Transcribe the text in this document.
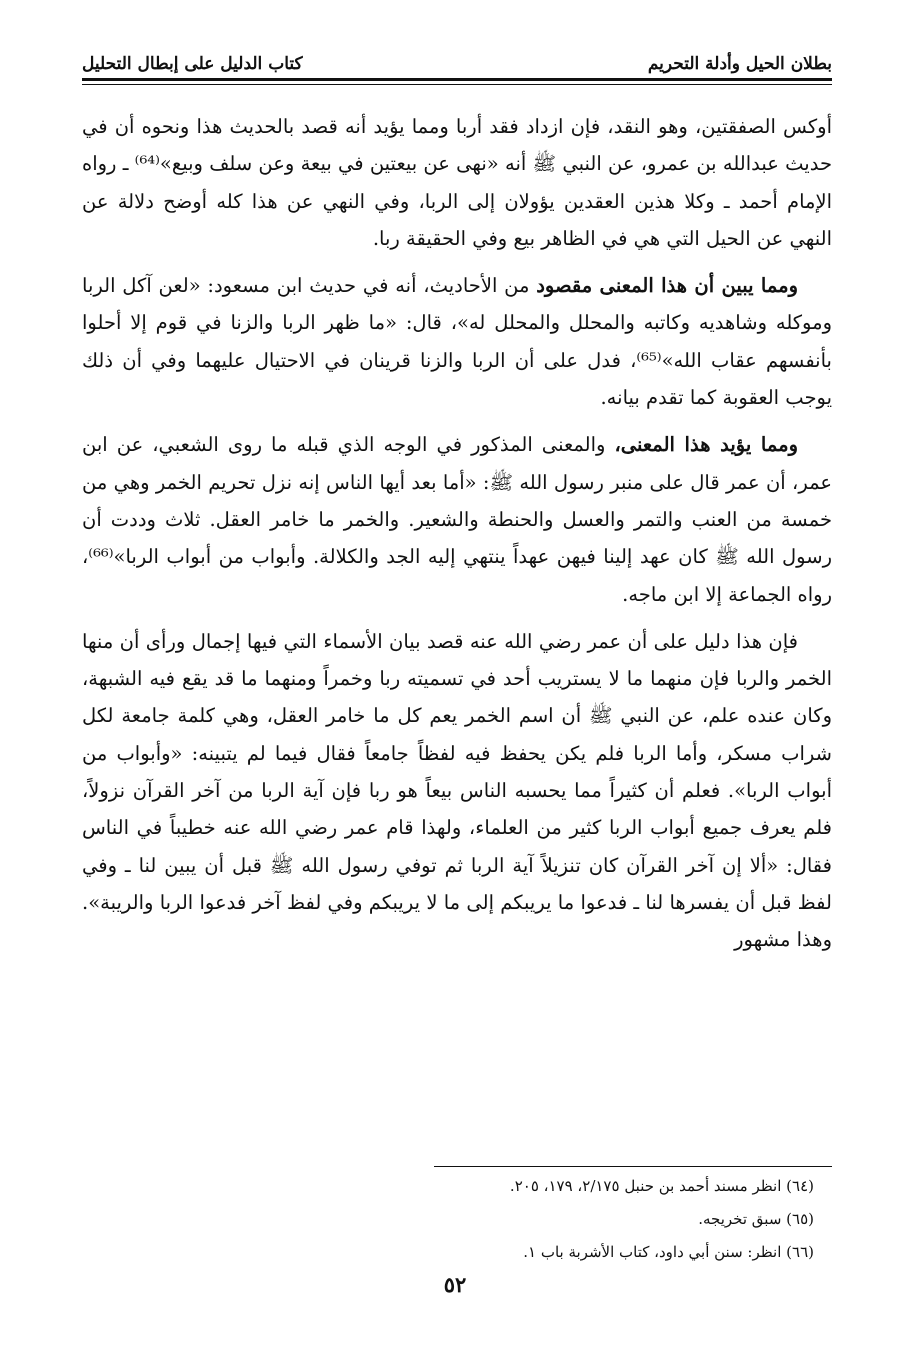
بطلان الحيل وأدلة التحريم
كتاب الدليل على إبطال التحليل

أوكس الصفقتين، وهو النقد، فإن ازداد فقد أربا ومما يؤيد أنه قصد بالحديث هذا ونحوه أن في حديث عبدالله بن عمرو، عن النبي ﷺ أنه «نهى عن بيعتين في بيعة وعن سلف وبيع»⁽⁶⁴⁾ ـ رواه الإمام أحمد ـ وكلا هذين العقدين يؤولان إلى الربا، وفي النهي عن هذا كله أوضح دلالة عن النهي عن الحيل التي هي في الظاهر بيع وفي الحقيقة ربا.

ومما يبين أن هذا المعنى مقصود من الأحاديث، أنه في حديث ابن مسعود: «لعن آكل الربا وموكله وشاهديه وكاتبه والمحلل والمحلل له»، قال: «ما ظهر الربا والزنا في قوم إلا أحلوا بأنفسهم عقاب الله»⁽⁶⁵⁾، فدل على أن الربا والزنا قرينان في الاحتيال عليهما وفي أن ذلك يوجب العقوبة كما تقدم بيانه.

ومما يؤيد هذا المعنى، والمعنى المذكور في الوجه الذي قبله ما روى الشعبي، عن ابن عمر، أن عمر قال على منبر رسول الله ﷺ: «أما بعد أيها الناس إنه نزل تحريم الخمر وهي من خمسة من العنب والتمر والعسل والحنطة والشعير. والخمر ما خامر العقل. ثلاث وددت أن رسول الله ﷺ كان عهد إلينا فيهن عهداً ينتهي إليه الجد والكلالة. وأبواب من أبواب الربا»⁽⁶⁶⁾، رواه الجماعة إلا ابن ماجه.

فإن هذا دليل على أن عمر رضي الله عنه قصد بيان الأسماء التي فيها إجمال ورأى أن منها الخمر والربا فإن منهما ما لا يستريب أحد في تسميته ربا وخمراً ومنهما ما قد يقع فيه الشبهة، وكان عنده علم، عن النبي ﷺ أن اسم الخمر يعم كل ما خامر العقل، وهي كلمة جامعة لكل شراب مسكر، وأما الربا فلم يكن يحفظ فيه لفظاً جامعاً فقال فيما لم يتبينه: «وأبواب من أبواب الربا». فعلم أن كثيراً مما يحسبه الناس بيعاً هو ربا فإن آية الربا من آخر القرآن نزولاً، فلم يعرف جميع أبواب الربا كثير من العلماء، ولهذا قام عمر رضي الله عنه خطيباً في الناس فقال: «ألا إن آخر القرآن كان تنزيلاً آية الربا ثم توفي رسول الله ﷺ قبل أن يبين لنا ـ وفي لفظ قبل أن يفسرها لنا ـ فدعوا ما يريبكم إلى ما لا يريبكم وفي لفظ آخر فدعوا الربا والريبة». وهذا مشهور

(٦٤) انظر مسند أحمد بن حنبل ٢/١٧٥، ١٧٩، ٢٠٥.

(٦٥) سبق تخريجه.

(٦٦) انظر: سنن أبي داود، كتاب الأشربة باب ١.

٥٢
